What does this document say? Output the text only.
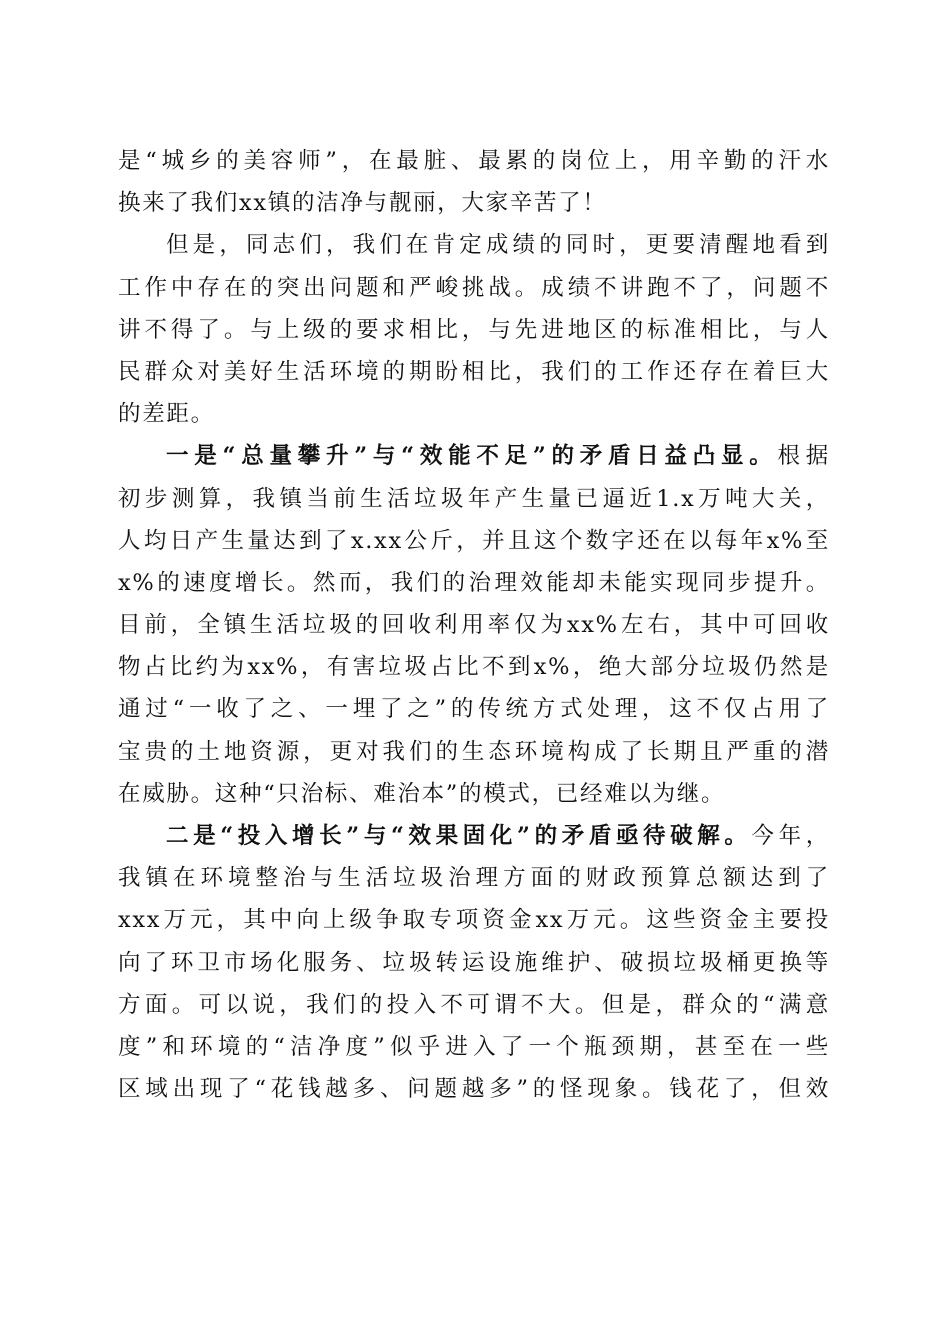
是“城乡的美容师”，在最脏、最累的岗位上，用辛勤的汗水
换来了我们xx镇的洁净与靓丽，大家辛苦了！
但是，同志们，我们在肯定成绩的同时，更要清醒地看到
工作中存在的突出问题和严峻挑战。成绩不讲跑不了，问题不
讲不得了。与上级的要求相比，与先进地区的标准相比，与人
民群众对美好生活环境的期盼相比，我们的工作还存在着巨大
的差距。
一是“总量攀升”与“效能不足”的矛盾日益凸显。根据
初步测算，我镇当前生活垃圾年产生量已逼近1.x万吨大关，
人均日产生量达到了x.xx公斤，并且这个数字还在以每年x%至
x%的速度增长。然而，我们的治理效能却未能实现同步提升。
目前，全镇生活垃圾的回收利用率仅为xx%左右，其中可回收
物占比约为xx%，有害垃圾占比不到x%，绝大部分垃圾仍然是
通过“一收了之、一埋了之”的传统方式处理，这不仅占用了
宝贵的土地资源，更对我们的生态环境构成了长期且严重的潜
在威胁。这种“只治标、难治本”的模式，已经难以为继。
二是“投入增长”与“效果固化”的矛盾亟待破解。今年，
我镇在环境整治与生活垃圾治理方面的财政预算总额达到了
xxx万元，其中向上级争取专项资金xx万元。这些资金主要投
向了环卫市场化服务、垃圾转运设施维护、破损垃圾桶更换等
方面。可以说，我们的投入不可谓不大。但是，群众的“满意
度”和环境的“洁净度”似乎进入了一个瓶颈期，甚至在一些
区域出现了“花钱越多、问题越多”的怪现象。钱花了，但效
